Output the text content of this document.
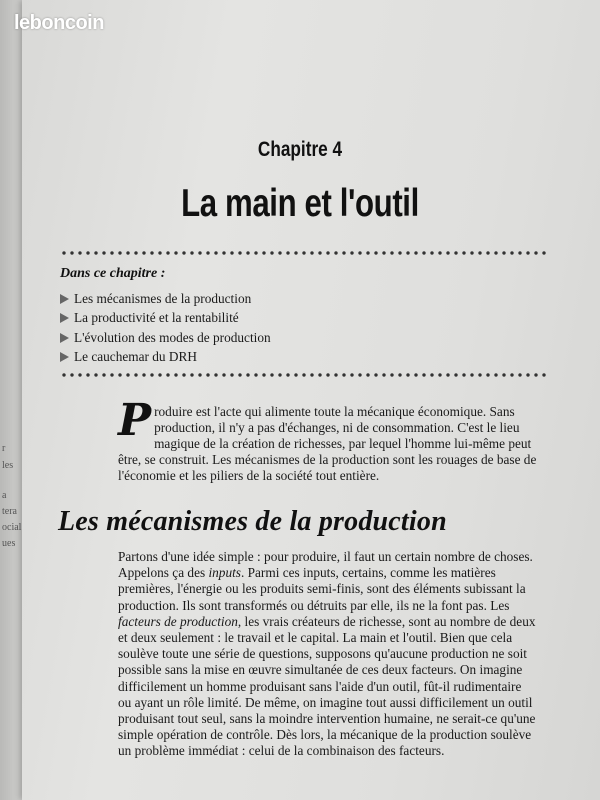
r
les
a
tera
ocial
ues
leboncoin
Chapitre 4
La main et l'outil
Dans ce chapitre :
Les mécanismes de la production
La productivité et la rentabilité
L'évolution des modes de production
Le cauchemar du DRH
Produire est l'acte qui alimente toute la mécanique économique. Sans production, il n'y a pas d'échanges, ni de consommation. C'est le lieu magique de la création de richesses, par lequel l'homme lui-même peut être, se construit. Les mécanismes de la production sont les rouages de base de l'économie et les piliers de la société tout entière.
Les mécanismes de la production
Partons d'une idée simple : pour produire, il faut un certain nombre de choses. Appelons ça des inputs. Parmi ces inputs, certains, comme les matières premières, l'énergie ou les produits semi-finis, sont des éléments subissant la production. Ils sont transformés ou détruits par elle, ils ne la font pas. Les facteurs de production, les vrais créateurs de richesse, sont au nombre de deux et deux seulement : le travail et le capital. La main et l'outil. Bien que cela soulève toute une série de questions, supposons qu'aucune production ne soit possible sans la mise en œuvre simultanée de ces deux facteurs. On imagine difficilement un homme produisant sans l'aide d'un outil, fût-il rudimentaire ou ayant un rôle limité. De même, on imagine tout aussi difficilement un outil produisant tout seul, sans la moindre intervention humaine, ne serait-ce qu'une simple opération de contrôle. Dès lors, la mécanique de la production soulève un problème immédiat : celui de la combinaison des facteurs.
